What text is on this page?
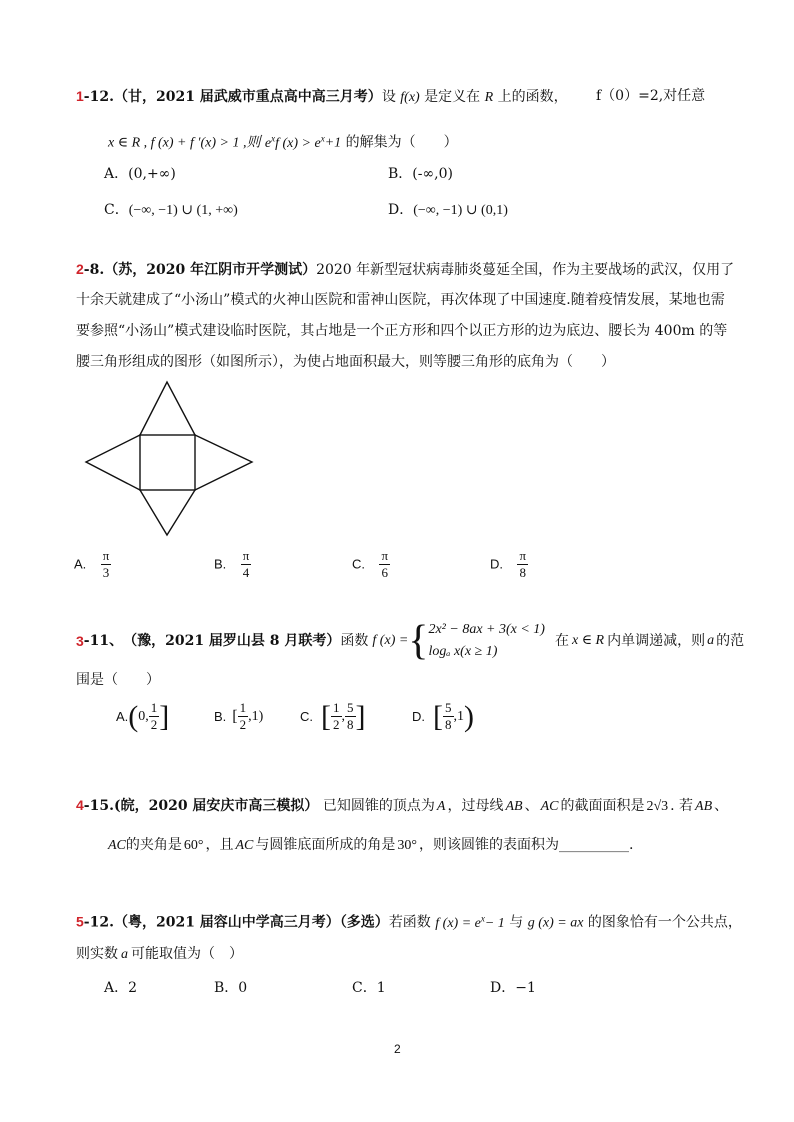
1-12.（甘，2021 届武威市重点高中高三月考）设 f(x) 是定义在 R 上的函数， f（0）=2,对任意
x ∈ R , f (x) + f ′(x) > 1 ,则 $e^xf$ $(x) > e^x+1$ 的解集为（　　）
A．(0,+∞)	B．(-∞,0)
C．(−∞, −1) ∪ (1, +∞)	D．(−∞, −1) ∪ (0,1)
2-8.（苏，2020 年江阴市开学测试）2020 年新型冠状病毒肺炎蔓延全国，作为主要战场的武汉，仅用了
十余天就建成了“小汤山”模式的火神山医院和雷神山医院，再次体现了中国速度.随着疫情发展，某地也需
要参照“小汤山”模式建设临时医院，其占地是一个正方形和四个以正方形的边为底边、腰长为 400m 的等
腰三角形组成的图形（如图所示），为使占地面积最大，则等腰三角形的底角为（　　）
A. $\frac{\pi}{3}$	B. $\frac{\pi}{4}$	C. $\frac{\pi}{6}$	D. $\frac{\pi}{8}$
3 -11、 （豫，2021 届罗山县 8 月联考） 函数 f (x) = { 2x² − 8ax + 3(x < 1)
logₐ x(x ≥ 1)
在 x ∈ R 内单调递减，则 a 的范
围是（　　）
A. ( 0, $\frac{1}{2}$ ]	B. [ $\frac{1}{2} ,1$)	C. [ $\frac{1}{2}$ , $\frac{5}{8}$ ]	D. [ $\frac{5}{8} ,1$ )
4-15.(皖，2020 届安庆市高三模拟） 已知圆锥的顶点为 A ，过母线 AB 、 AC 的截面面积是 2√3 . 若 AB 、
AC的夹角是 60° ，且 AC 与圆锥底面所成的角是 30° ，则该圆锥的表面积为__________.
5-12.（粤，2021 届容山中学高三月考）（多选）若函数 f $(x) = e^x- 1$ 与 g (x) = ax 的图象恰有一个公共点，
则实数 a 可能取值为（　）
A．2	B．0	C．1	D．−1
2
